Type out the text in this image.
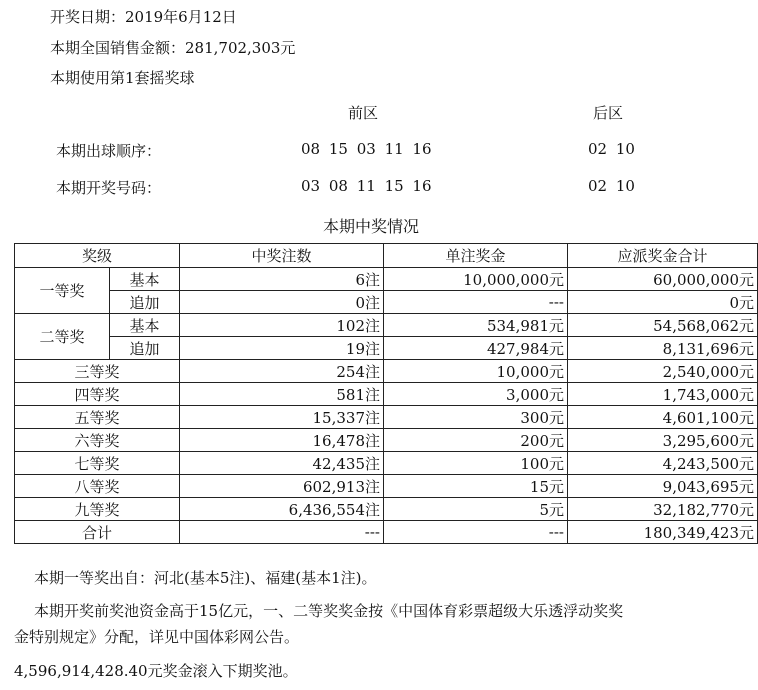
开奖日期：2019年6月12日
本期全国销售金额：281,702,303元
本期使用第1套摇奖球
前区	后区
本期出球顺序：	08 15 03 11 16	02 10
本期开奖号码：	03 08 11 15 16	02 10
本期中奖情况
奖级		中奖注数	单注奖金	应派奖金合计
一等奖	基本	6注	10,000,000元	60,000,000元
	追加	0注	---	0元
二等奖	基本	102注	534,981元	54,568,062元
	追加	19注	427,984元	8,131,696元
三等奖		254注	10,000元	2,540,000元
四等奖		581注	3,000元	1,743,000元
五等奖		15,337注	300元	4,601,100元
六等奖		16,478注	200元	3,295,600元
七等奖		42,435注	100元	4,243,500元
八等奖		602,913注	15元	9,043,695元
九等奖		6,436,554注	5元	32,182,770元
合计		---	---	180,349,423元
本期一等奖出自：河北(基本5注)、福建(基本1注)。
本期开奖前奖池资金高于15亿元，一、二等奖奖金按《中国体育彩票超级大乐透浮动奖奖
金特别规定》分配，详见中国体彩网公告。
4,596,914,428.40元奖金滚入下期奖池。
